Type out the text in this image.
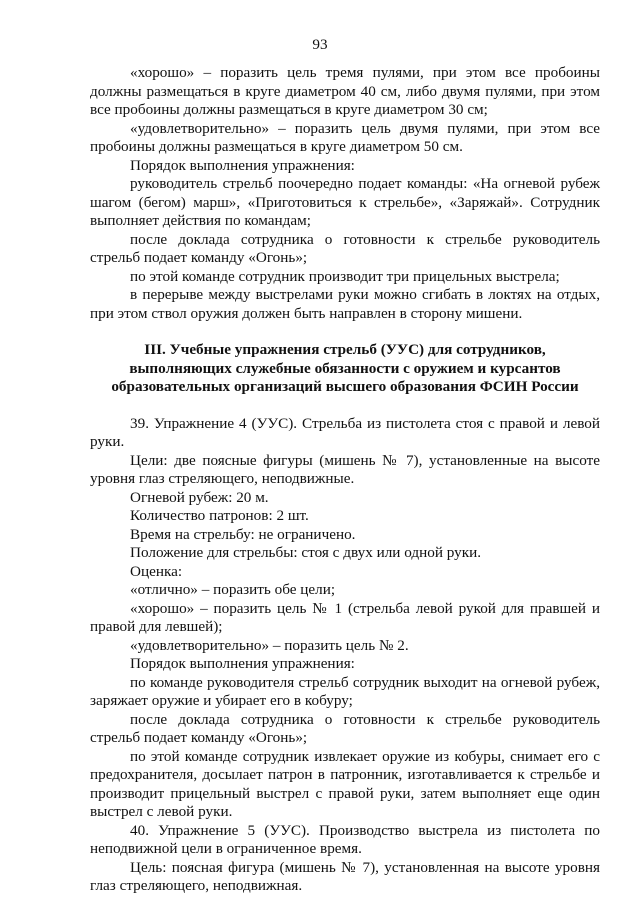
93

«хорошо» – поразить цель тремя пулями, при этом все пробоины должны размещаться в круге диаметром 40 см, либо двумя пулями, при этом все пробоины должны размещаться в круге диаметром 30 см;

«удовлетворительно» – поразить цель двумя пулями, при этом все пробоины должны размещаться в круге диаметром 50 см.

Порядок выполнения упражнения:

руководитель стрельб поочередно подает команды: «На огневой рубеж шагом (бегом) марш», «Приготовиться к стрельбе», «Заряжай». Сотрудник выполняет действия по командам;

после доклада сотрудника о готовности к стрельбе руководитель стрельб подает команду «Огонь»;

по этой команде сотрудник производит три прицельных выстрела;

в перерыве между выстрелами руки можно сгибать в локтях на отдых, при этом ствол оружия должен быть направлен в сторону мишени.

III. Учебные упражнения стрельб (УУС) для сотрудников,
выполняющих служебные обязанности с оружием и курсантов
образовательных организаций высшего образования ФСИН России

39. Упражнение 4 (УУС). Стрельба из пистолета стоя с правой и левой руки.

Цели: две поясные фигуры (мишень № 7), установленные на высоте уровня глаз стреляющего, неподвижные.

Огневой рубеж: 20 м.

Количество патронов: 2 шт.

Время на стрельбу: не ограничено.

Положение для стрельбы: стоя с двух или одной руки.

Оценка:

«отлично» – поразить обе цели;

«хорошо» – поразить цель № 1 (стрельба левой рукой для правшей и правой для левшей);

«удовлетворительно» – поразить цель № 2.

Порядок выполнения упражнения:

по команде руководителя стрельб сотрудник выходит на огневой рубеж, заряжает оружие и убирает его в кобуру;

после доклада сотрудника о готовности к стрельбе руководитель стрельб подает команду «Огонь»;

по этой команде сотрудник извлекает оружие из кобуры, снимает его с предохранителя, досылает патрон в патронник, изготавливается к стрельбе и производит прицельный выстрел с правой руки, затем выполняет еще один выстрел с левой руки.

40. Упражнение 5 (УУС). Производство выстрела из пистолета по неподвижной цели в ограниченное время.

Цель: поясная фигура (мишень № 7), установленная на высоте уровня глаз стреляющего, неподвижная.
